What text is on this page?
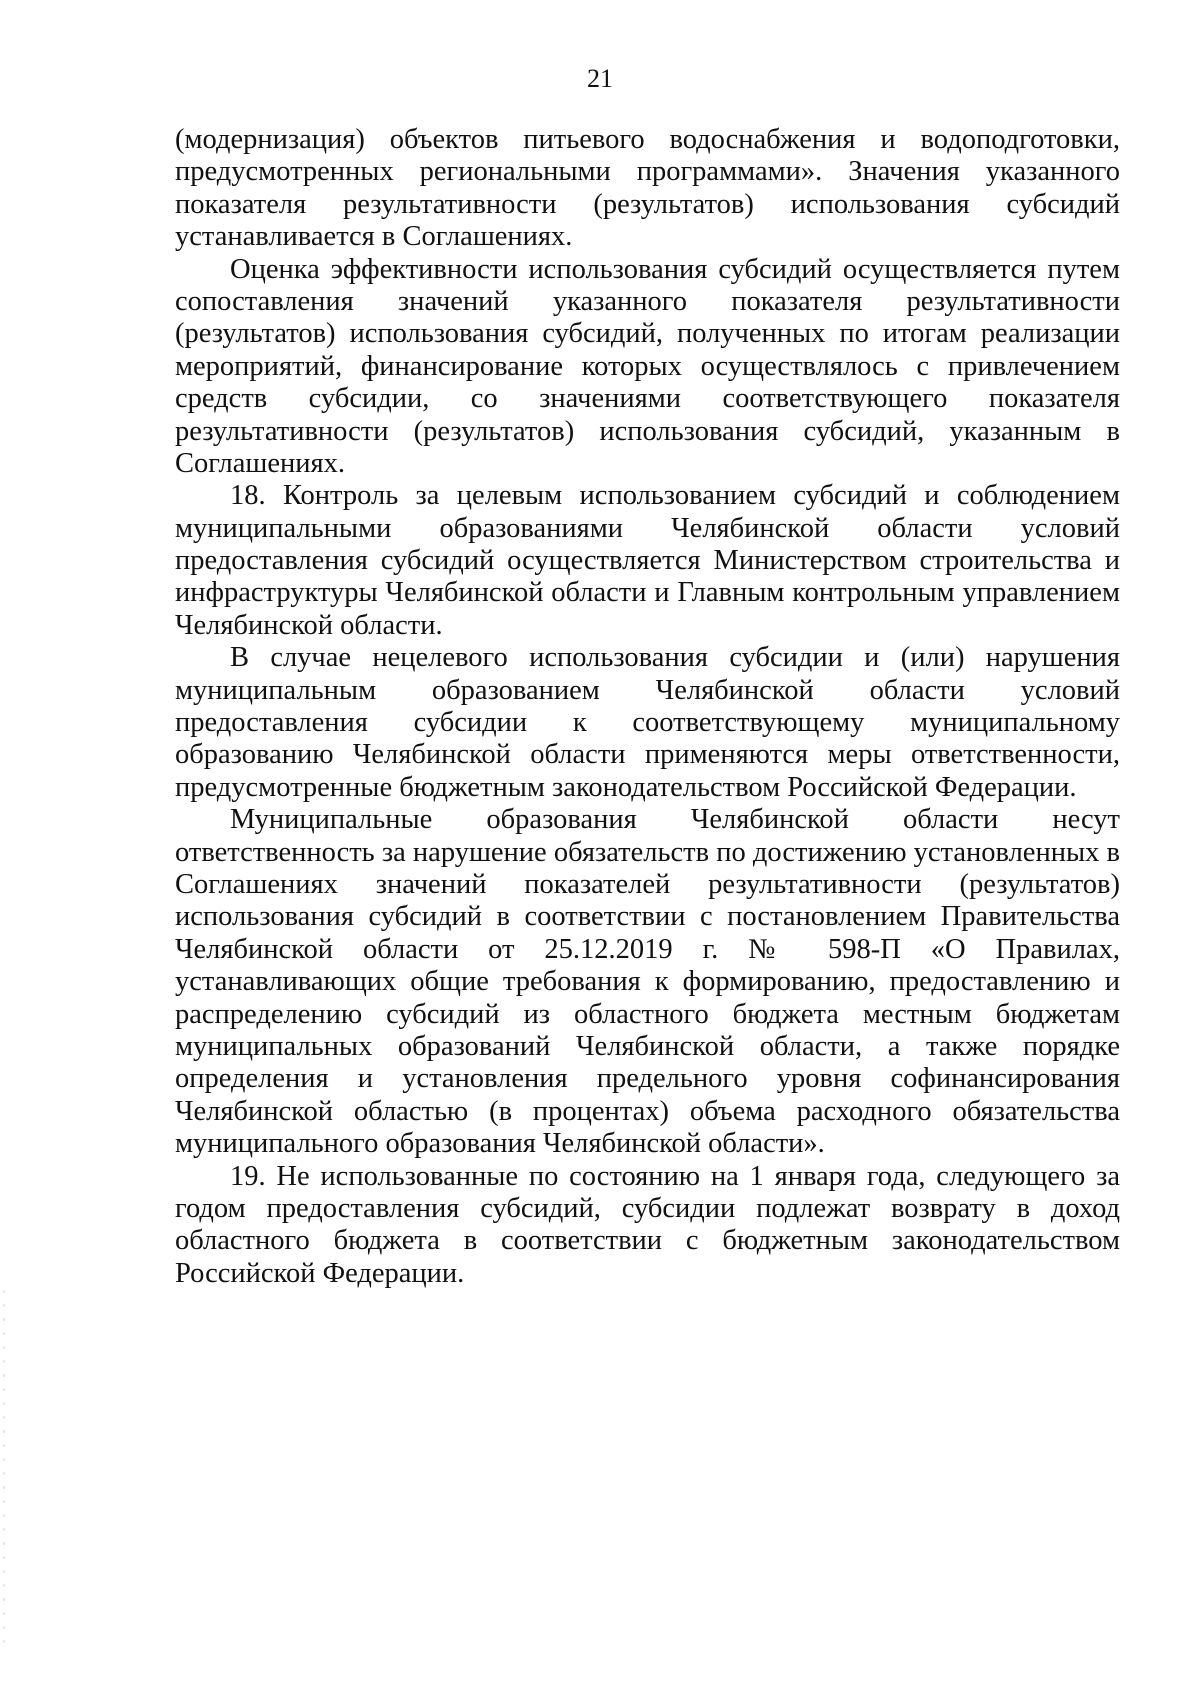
21
(модернизация) объектов питьевого водоснабжения и водоподготовки,
предусмотренных региональными программами». Значения указанного
показателя результативности (результатов) использования субсидий
устанавливается в Соглашениях.
Оценка эффективности использования субсидий осуществляется путем
сопоставления значений указанного показателя результативности
(результатов) использования субсидий, полученных по итогам реализации
мероприятий, финансирование которых осуществлялось с привлечением
средств субсидии, со значениями соответствующего показателя
результативности (результатов) использования субсидий, указанным в
Соглашениях.
18. Контроль за целевым использованием субсидий и соблюдением
муниципальными образованиями Челябинской области условий
предоставления субсидий осуществляется Министерством строительства и
инфраструктуры Челябинской области и Главным контрольным управлением
Челябинской области.
В случае нецелевого использования субсидии и (или) нарушения
муниципальным образованием Челябинской области условий
предоставления субсидии к соответствующему муниципальному
образованию Челябинской области применяются меры ответственности,
предусмотренные бюджетным законодательством Российской Федерации.
Муниципальные образования Челябинской области несут
ответственность за нарушение обязательств по достижению установленных в
Соглашениях значений показателей результативности (результатов)
использования субсидий в соответствии с постановлением Правительства
Челябинской области от 25.12.2019 г. № 598-П «О Правилах,
устанавливающих общие требования к формированию, предоставлению и
распределению субсидий из областного бюджета местным бюджетам
муниципальных образований Челябинской области, а также порядке
определения и установления предельного уровня софинансирования
Челябинской областью (в процентах) объема расходного обязательства
муниципального образования Челябинской области».
19. Не использованные по состоянию на 1 января года, следующего за
годом предоставления субсидий, субсидии подлежат возврату в доход
областного бюджета в соответствии с бюджетным законодательством
Российской Федерации.
